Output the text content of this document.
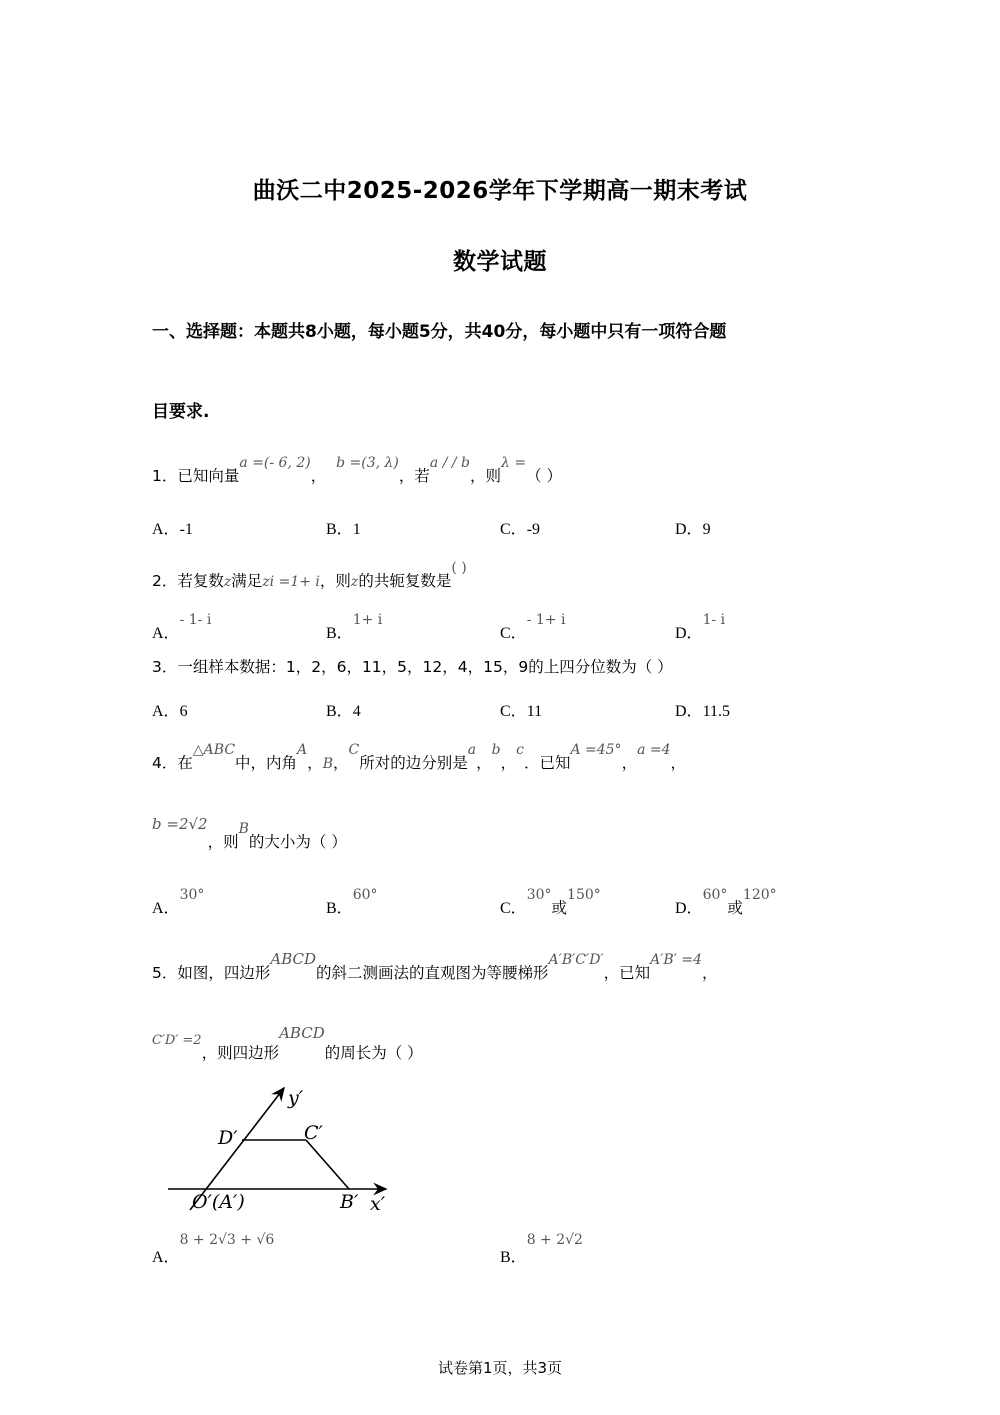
曲沃二中2025-2026学年下学期高一期末考试
数学试题
一、选择题：本题共8小题，每小题5分，共40分，每小题中只有一项符合题
目要求.
1．已知向量$^{a =(- 6, 2)}$，  $^{b =(3, \lambda)}$，若$^{a / / b}$，则$^{\lambda =}$（ ）
A．-1	B．1	C．-9	D．9
2．若复数z满足zi =1+ i，则z的共轭复数是( )
A．$^{- 1- i}$
B．$^{1+ i}$
C．$^{- 1+ i}$
D．$^{1- i}$
3．一组样本数据：1，2，6，11，5，12，4，15，9的上四分位数为（ ）
A．6	B．4	C．11	D．11.5
4．在$^{\triangle ABC}$中，内角$^A$，B，$^C$所对的边分别是$^a$，$^b$，$^c$．已知$^{A =45^\circ}$，$^{a =4}$，
$^{b =2√2}$，则$^B$的大小为（ ）
A．$^{30^\circ}$
B．$^{60^\circ}$
C．$^{30^\circ}$或$^{150^\circ}$
D．$^{60^\circ}$或$^{120^\circ}$
5．如图，四边形$^{ABCD}$的斜二测画法的直观图为等腰梯形$^{A'B'C'D'}$，已知$^{A'B' =4}$，
$^{C'D' =2}$，则四边形$^{ABCD}$的周长为（ ）
y′
x′
D′	C′
O′(A′)	B′
A．$^{8 + 2√3 + √6}$
B．$^{8 + 2√2}$
试卷第1页，共3页
